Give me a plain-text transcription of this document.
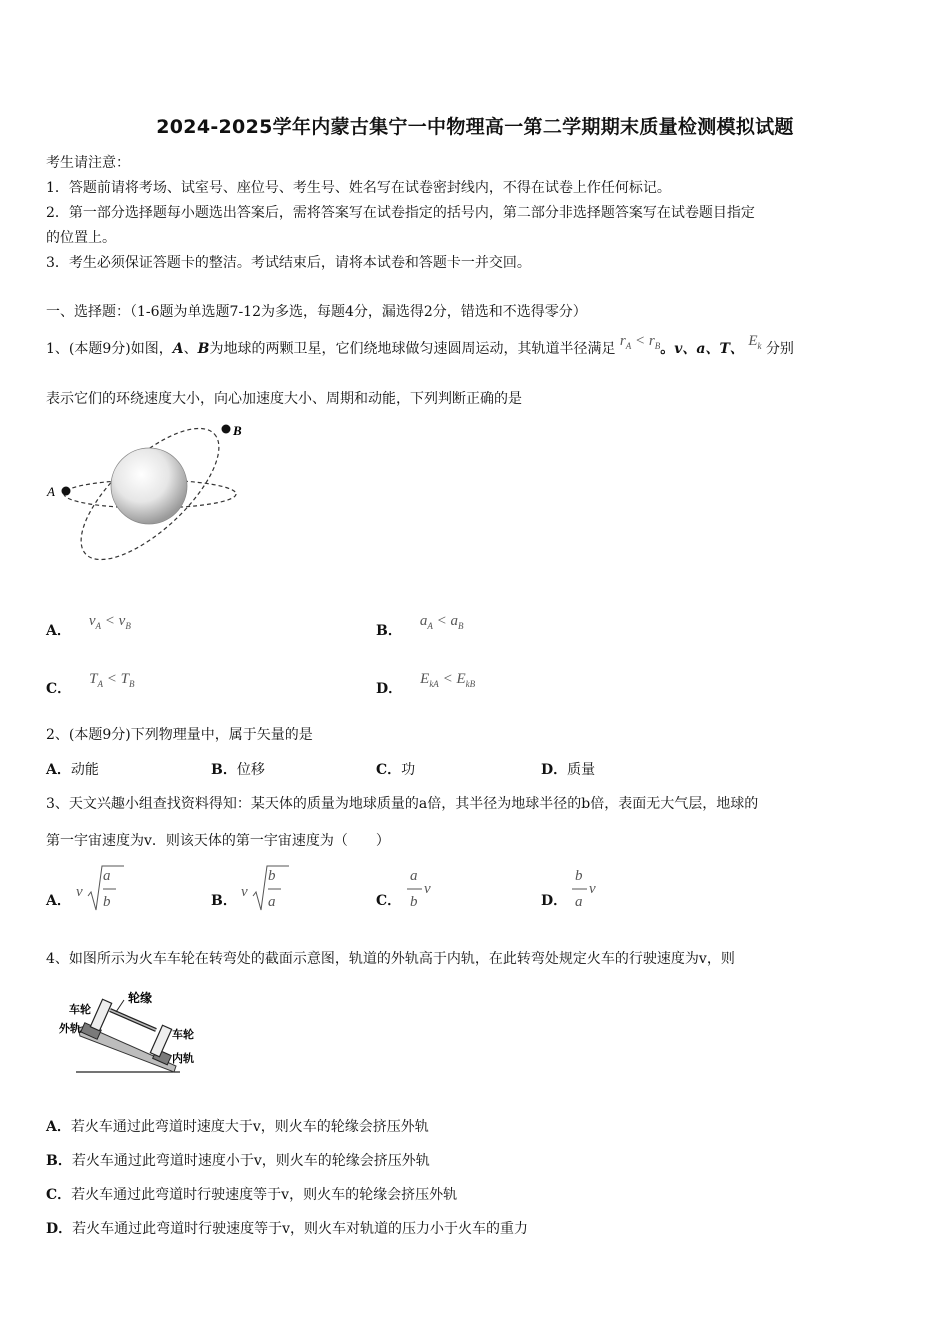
2024-2025学年内蒙古集宁一中物理高一第二学期期末质量检测模拟试题
考生请注意：
1．答题前请将考场、试室号、座位号、考生号、姓名写在试卷密封线内，不得在试卷上作任何标记。
2．第一部分选择题每小题选出答案后，需将答案写在试卷指定的括号内，第二部分非选择题答案写在试卷题目指定
的位置上。
3．考生必须保证答题卡的整洁。考试结束后，请将本试卷和答题卡一并交回。
一、选择题：（1-6题为单选题7-12为多选，每题4分，漏选得2分，错选和不选得零分）
1、(本题9分)如图，A、B为地球的两颗卫星，它们绕地球做匀速圆周运动，其轨道半径满足 $r_A < r_B$。v、a、T、 $E_k$ 分别
表示它们的环绕速度大小，向心加速度大小、周期和动能，下列判断正确的是
A
B
A．$v_A < v_B$	B．$a_A < a_B$
C．$T_A < T_B$	D．$E_{kA} < E_{kB}$
2、(本题9分)下列物理量中，属于矢量的是
A．动能	B．位移	C．功	D．质量
3、天文兴趣小组查找资料得知：某天体的质量为地球质量的a倍，其半径为地球半径的b倍，表面无大气层，地球的
第一宇宙速度为v．则该天体的第一宇宙速度为（　　）
A．
v
a
b	B．
v
b
a	C．
a
b
v
D．
b
a
v
4、如图所示为火车车轮在转弯处的截面示意图，轨道的外轨高于内轨，在此转弯处规定火车的行驶速度为v，则
轮缘
车轮
外轨	车轮
内轨
A．若火车通过此弯道时速度大于v，则火车的轮缘会挤压外轨
B．若火车通过此弯道时速度小于v，则火车的轮缘会挤压外轨
C．若火车通过此弯道时行驶速度等于v，则火车的轮缘会挤压外轨
D．若火车通过此弯道时行驶速度等于v，则火车对轨道的压力小于火车的重力
